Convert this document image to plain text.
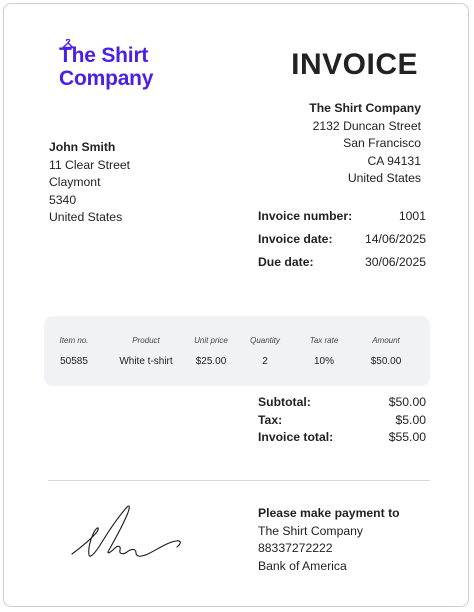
The Shirt
Company	INVOICE
The Shirt Company
2132 Duncan Street
San Francisco
CA 94131
United States
John Smith
11 Clear Street
Claymont
5340
United States	Invoice number:	1001
Invoice date:	14/06/2025
Due date:	30/06/2025
Item no.	Product	Unit price	Quantity	Tax rate	Amount
50585	White t-shirt	$25.00	2	10%	$50.00
Subtotal:	$50.00
Tax:	$5.00
Invoice total:	$55.00
Please make payment to
The Shirt Company
88337272222
Bank of America
